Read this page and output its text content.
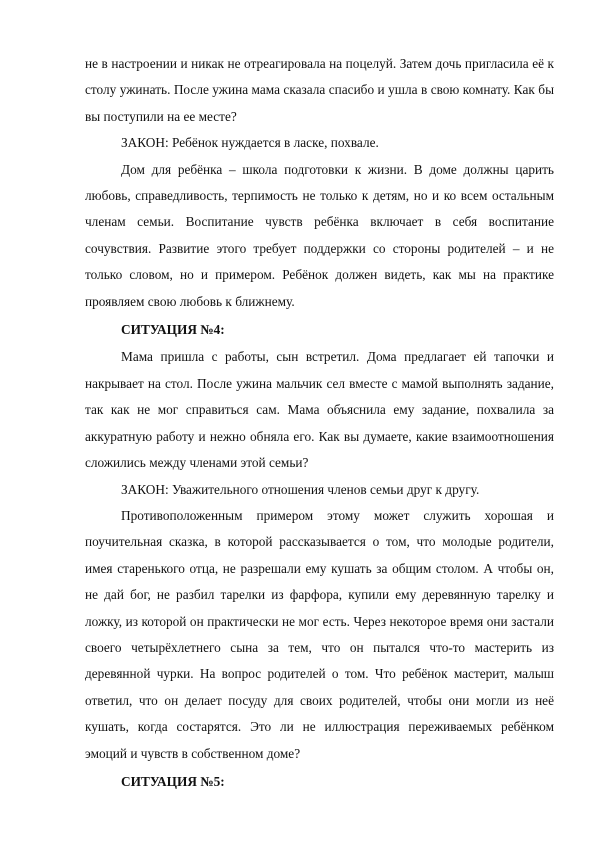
не в настроении и никак не отреагировала на поцелуй. Затем дочь пригласила её к столу ужинать. После ужина мама сказала спасибо и ушла в свою комнату. Как бы вы поступили на ее месте?

ЗАКОН: Ребёнок нуждается в ласке, похвале.

Дом для ребёнка – школа подготовки к жизни. В доме должны царить любовь, справедливость, терпимость не только к детям, но и ко всем остальным членам семьи. Воспитание чувств ребёнка включает в себя воспитание сочувствия. Развитие этого требует поддержки со стороны родителей – и не только словом, но и примером. Ребёнок должен видеть, как мы на практике проявляем свою любовь к ближнему.

СИТУАЦИЯ №4:

Мама пришла с работы, сын встретил. Дома предлагает ей тапочки и накрывает на стол. После ужина мальчик сел вместе с мамой выполнять задание, так как не мог справиться сам. Мама объяснила ему задание, похвалила за аккуратную работу и нежно обняла его. Как вы думаете, какие взаимоотношения сложились между членами этой семьи?

ЗАКОН: Уважительного отношения членов семьи друг к другу.

Противоположенным примером этому может служить хорошая и поучительная сказка, в которой рассказывается о том, что молодые родители, имея старенького отца, не разрешали ему кушать за общим столом. А чтобы он, не дай бог, не разбил тарелки из фарфора, купили ему деревянную тарелку и ложку, из которой он практически не мог есть. Через некоторое время они застали своего четырёхлетнего сына за тем, что он пытался что-то мастерить из деревянной чурки. На вопрос родителей о том. Что ребёнок мастерит, малыш ответил, что он делает посуду для своих родителей, чтобы они могли из неё кушать, когда состарятся. Это ли не иллюстрация переживаемых ребёнком эмоций и чувств в собственном доме?

СИТУАЦИЯ №5:
